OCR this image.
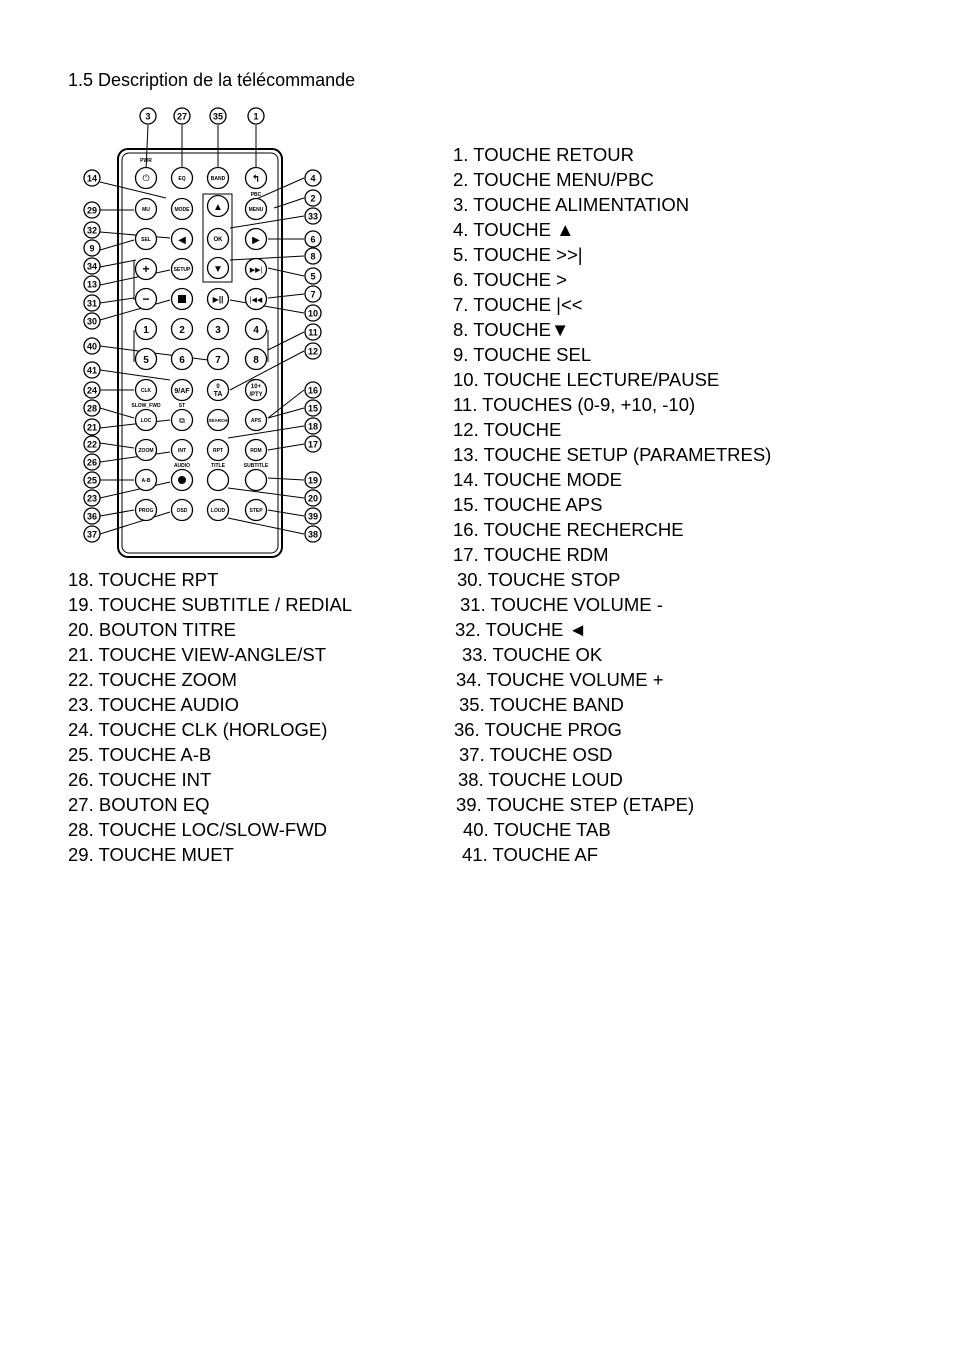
1.5 Description de la télécommande
PWR
⏻	EQ	BAND	↰
PBC
MU	MODE ▲	MENU
SEL	◀	OK	▶
+	SETUP ▼	▶▶|
−	▶||	|◀◀
1	2	3	4
5	6	7	8
9/AF
0
TA
10+
/PTY
CLK
SLOW_FWD	ST
LOC	⧉	SEARCH	APS
ZOOM	INT	RPT	RDM
AUDIO	TITLE	SUBTITLE
A-B
PROG	OSD	LOUD	STEP
3	27	35	1
14
29
32
9
34
13
31
30
40
41
24
28
21
22
26
25
23
36
37
4
2
33
6
8
5
7
10
11
12
16
15
18
17
19
20
39
38
1. TOUCHE RETOUR
2. TOUCHE MENU/PBC
3. TOUCHE ALIMENTATION
4. TOUCHE ▲
5. TOUCHE >>|
6. TOUCHE >
7. TOUCHE |<<
8. TOUCHE▼
9. TOUCHE SEL
10. TOUCHE LECTURE/PAUSE
11. TOUCHES (0-9, +10, -10)
12. TOUCHE
13. TOUCHE SETUP (PARAMETRES)
14. TOUCHE MODE
15. TOUCHE APS
16. TOUCHE RECHERCHE
17. TOUCHE RDM
18. TOUCHE RPT
19. TOUCHE SUBTITLE / REDIAL
20. BOUTON TITRE
21. TOUCHE VIEW-ANGLE/ST
22. TOUCHE ZOOM
23. TOUCHE AUDIO
24. TOUCHE CLK (HORLOGE)
25. TOUCHE A-B
26. TOUCHE INT
27. BOUTON EQ
28. TOUCHE LOC/SLOW-FWD
29. TOUCHE MUET
30. TOUCHE STOP
31. TOUCHE VOLUME -
32. TOUCHE ◄
33. TOUCHE OK
34. TOUCHE VOLUME +
35. TOUCHE BAND
36. TOUCHE PROG
37. TOUCHE OSD
38. TOUCHE LOUD
39. TOUCHE STEP (ETAPE)
40. TOUCHE TAB
41. TOUCHE AF
